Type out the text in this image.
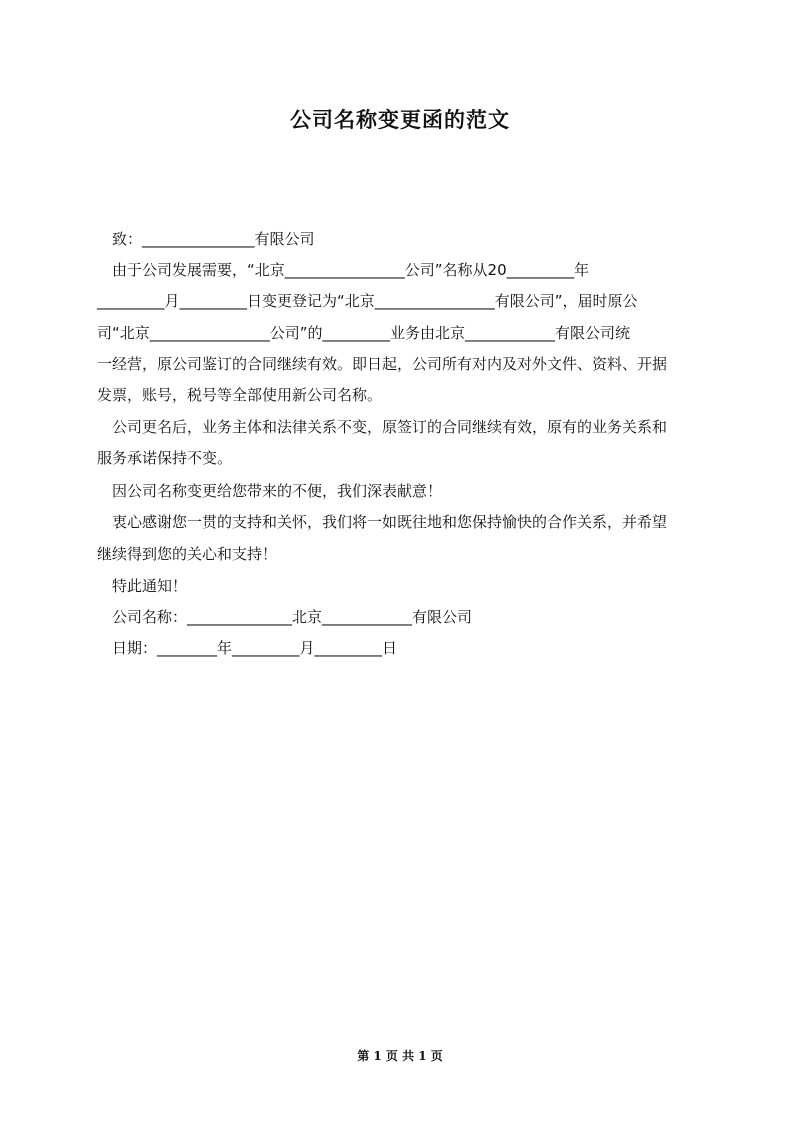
公司名称变更函的范文
　致：_______________有限公司
　由于公司发展需要，“北京________________公司”名称从20_________年
_________月_________日变更登记为“北京________________有限公司”，届时原公
司“北京________________公司”的_________业务由北京____________有限公司统
一经营，原公司鉴订的合同继续有效。即日起，公司所有对内及对外文件、资料、开据
发票，账号，税号等全部使用新公司名称。
　公司更名后，业务主体和法律关系不变，原签订的合同继续有效，原有的业务关系和
服务承诺保持不变。
　因公司名称变更给您带来的不便，我们深表献意！
　衷心感谢您一贯的支持和关怀，我们将一如既往地和您保持愉快的合作关系，并希望
继续得到您的关心和支持！
　特此通知！
　公司名称：______________北京____________有限公司
　日期：________年_________月_________日
第 1 页 共 1 页
